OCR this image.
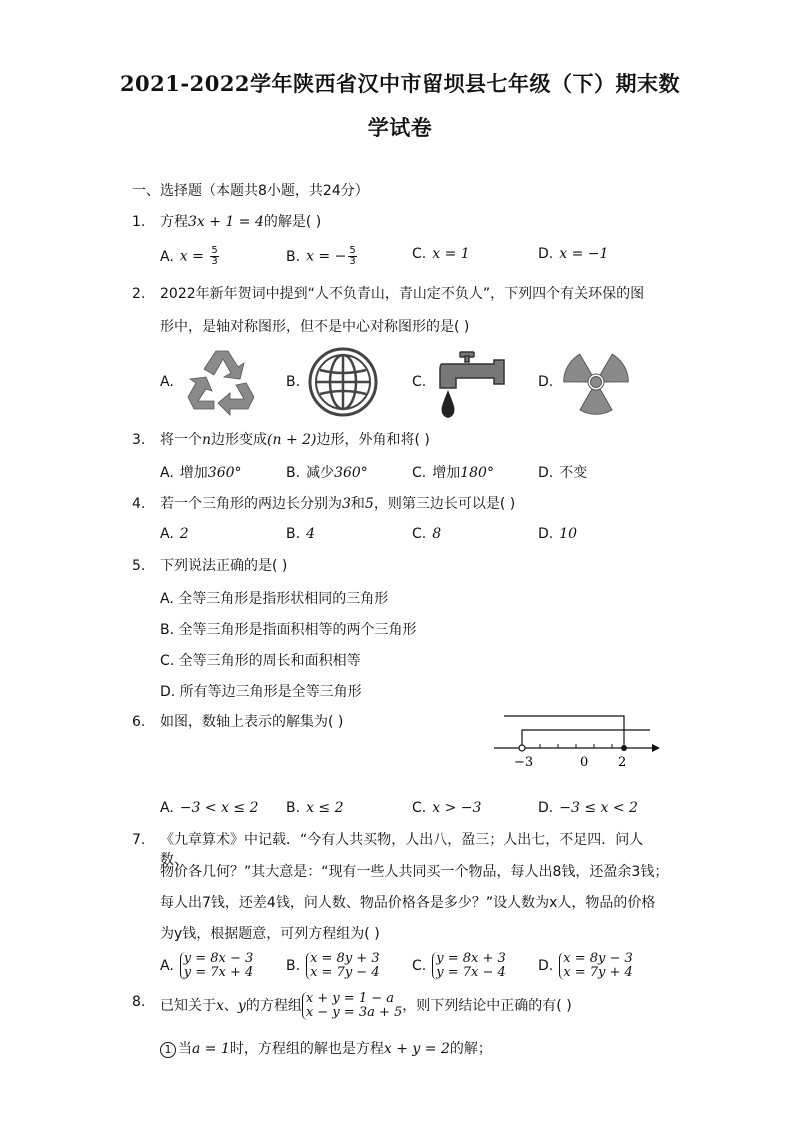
2021-2022学年陕西省汉中市留坝县七年级（下）期末数
学试卷
一、选择题（本题共8小题，共24分）
1.	方程3x + 1 = 4的解是( )
A. $x = \frac{5}{3}$	B. x = − $\frac{5}{3}$	C. x = 1	D. x = −1
2.	2022年新年贺词中提到“人不负青山，青山定不负人”，下列四个有关环保的图
形中，是轴对称图形，但不是中心对称图形的是( )
A.	B.	C.	D.
3.	将一个n边形变成(n + 2)边形，外角和将( )
A. 增加360°	B. 减少360°	C. 增加180°	D. 不变
4.	若一个三角形的两边长分别为3和5，则第三边长可以是( )
A. 2	B. 4	C. 8	D. 10
5.	下列说法正确的是( )
A. 全等三角形是指形状相同的三角形
B. 全等三角形是指面积相等的两个三角形
C. 全等三角形的周长和面积相等
D. 所有等边三角形是全等三角形
6.	如图，数轴上表示的解集为( )
−3	0 2
A. −3 < x ≤ 2 B. x ≤ 2	C. x > −3	D. −3 ≤ x < 2
7.	《九章算术》中记载．“今有人共买物，人出八，盈三；人出七，不足四．问人数、
物价各几何？”其大意是：“现有一些人共同买一个物品，每人出8钱，还盈余3钱；
每人出7钱，还差4钱，问人数、物品价格各是多少？”设人数为x人，物品的价格
为y钱，根据题意，可列方程组为( )
A. y = 8x − 3
y = 7x + 4 B. x = 8y + 3
x = 7y − 4 C. y = 8x + 3
y = 7x − 4 D. x = 8y − 3
x = 7y + 4
8.	已知关于x、y的方程组 x + y = 1 − a
x − y = 3a + 5 ，则下列结论中正确的有( )
1 当a = 1时，方程组的解也是方程x + y = 2的解；
